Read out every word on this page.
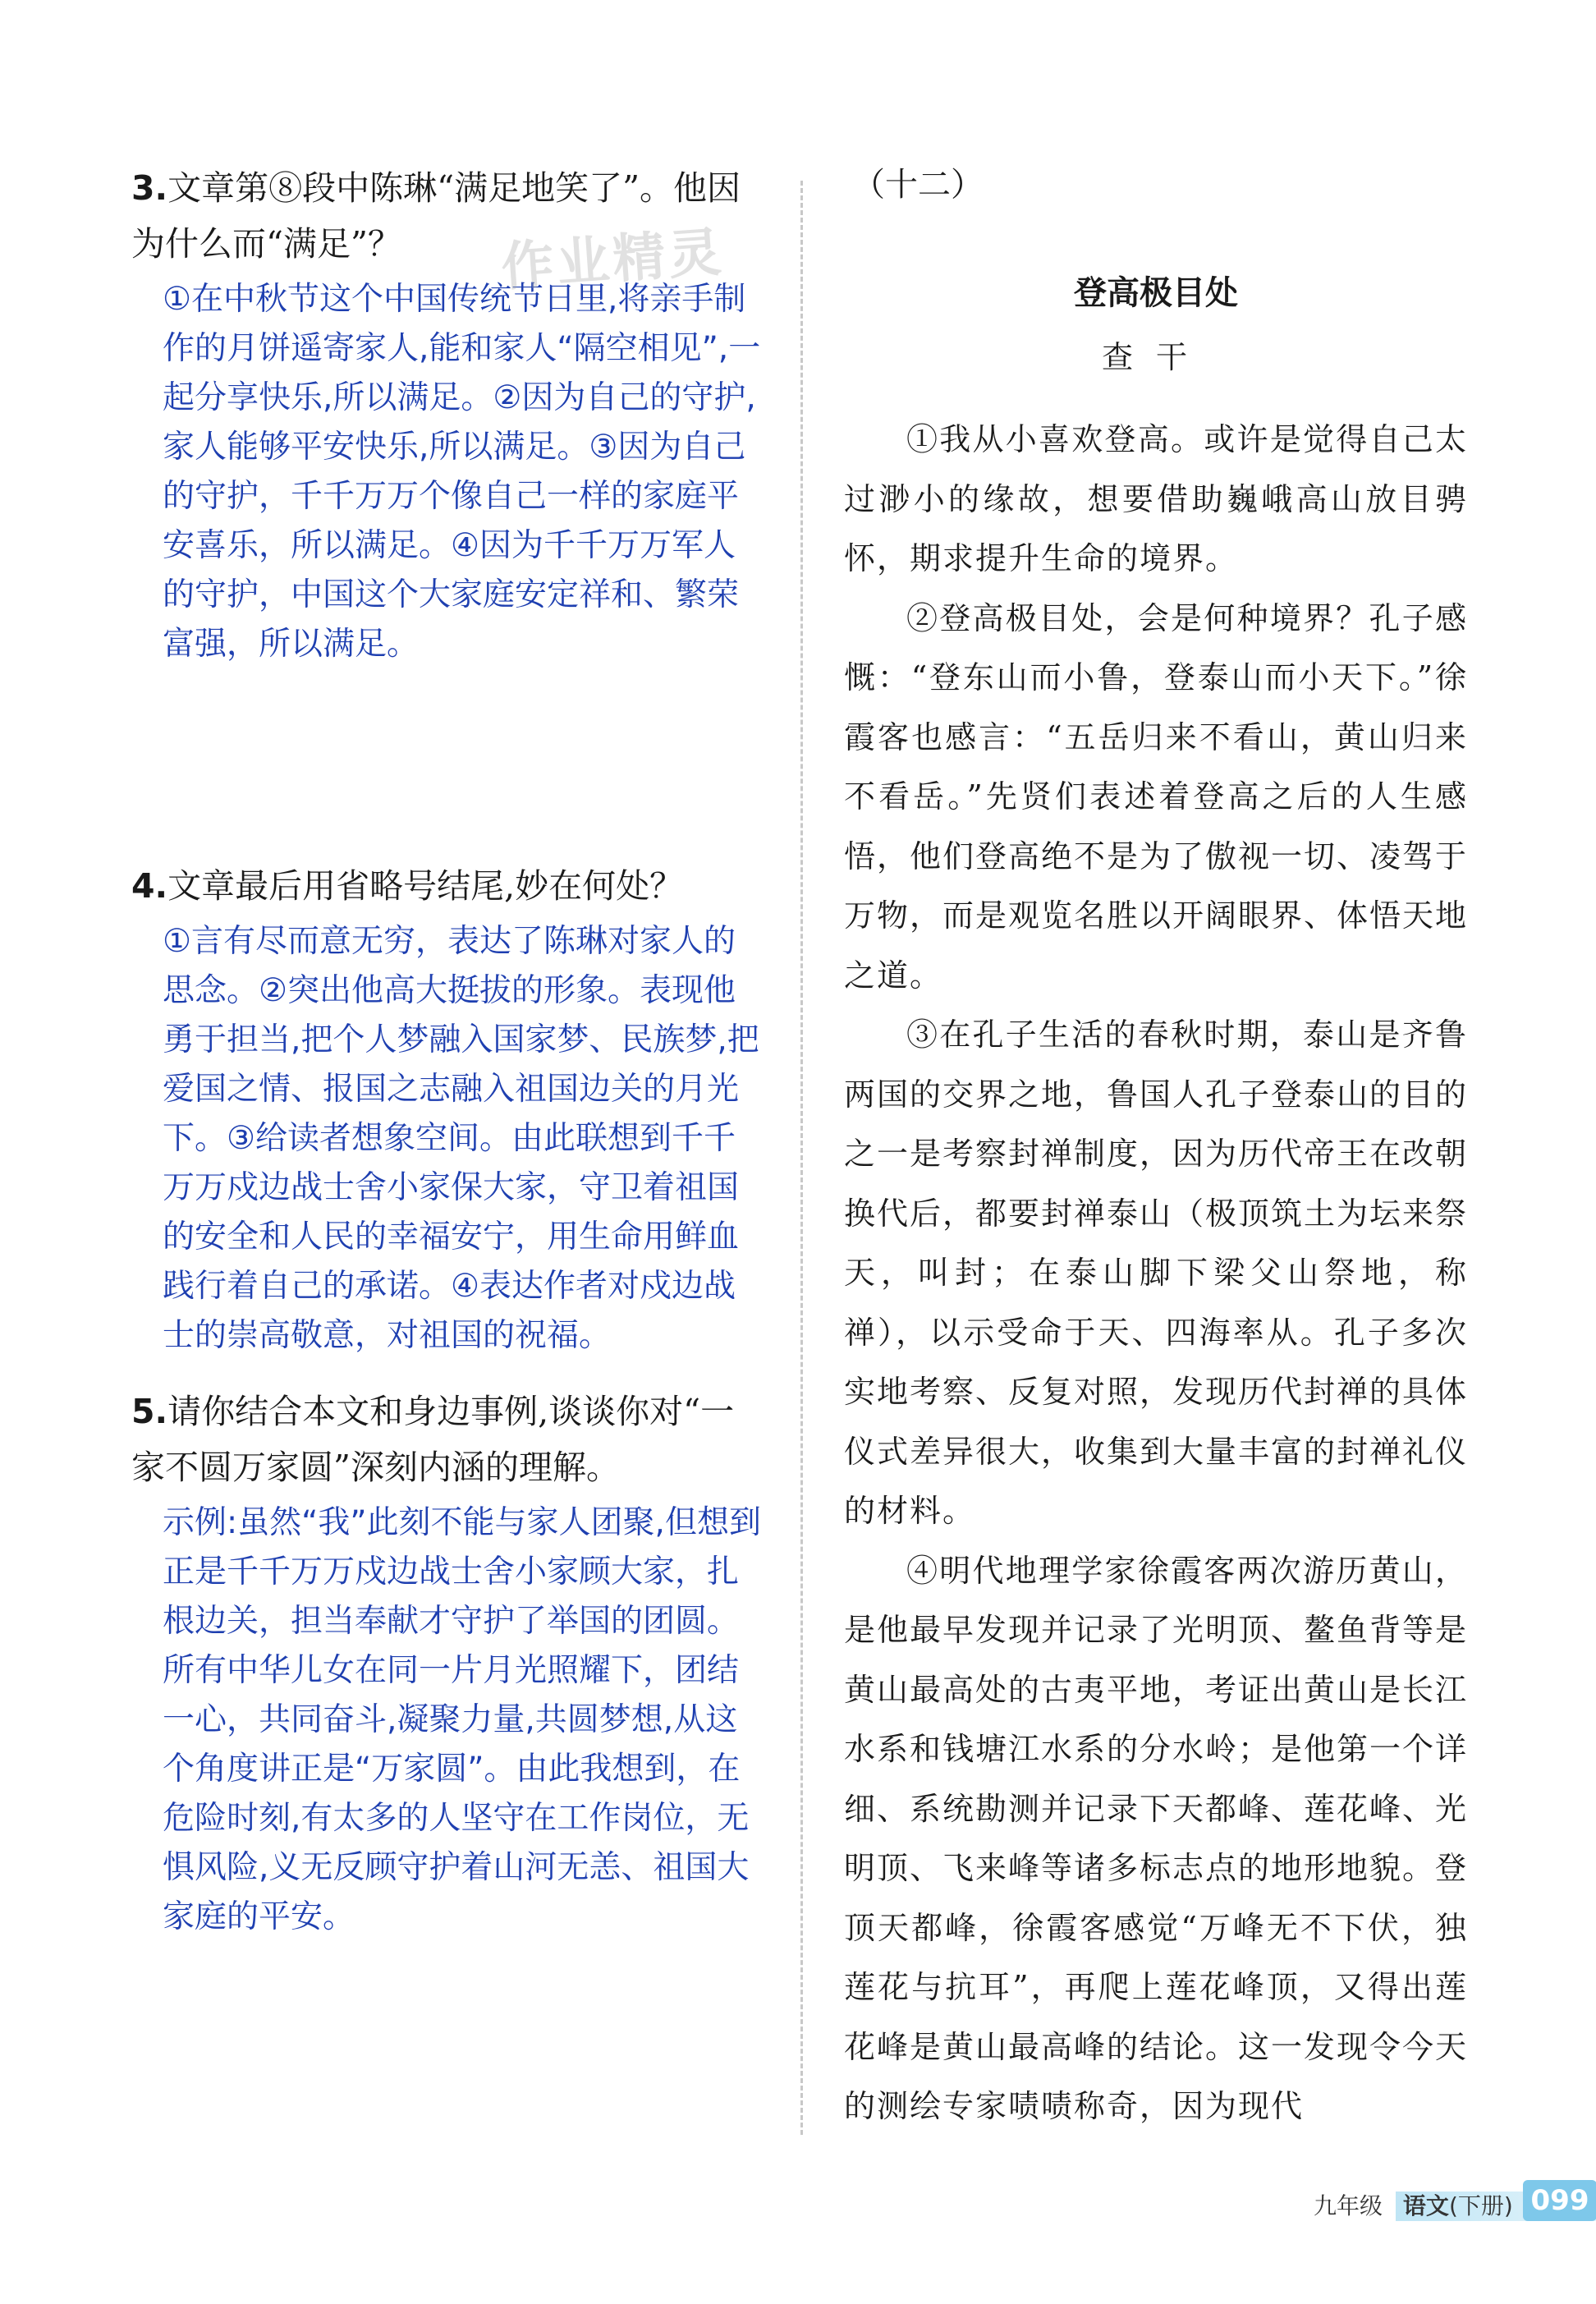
3.文章第⑧段中陈琳“满足地笑了”。他因为什么而“满足”？

①在中秋节这个中国传统节日里,将亲手制作的月饼遥寄家人,能和家人“隔空相见”,一起分享快乐,所以满足。②因为自己的守护,家人能够平安快乐,所以满足。③因为自己的守护，千千万万个像自己一样的家庭平安喜乐，所以满足。④因为千千万万军人的守护，中国这个大家庭安定祥和、繁荣富强，所以满足。

4.文章最后用省略号结尾,妙在何处？

①言有尽而意无穷，表达了陈琳对家人的思念。②突出他高大挺拔的形象。表现他勇于担当,把个人梦融入国家梦、民族梦,把爱国之情、报国之志融入祖国边关的月光下。③给读者想象空间。由此联想到千千万万戍边战士舍小家保大家，守卫着祖国的安全和人民的幸福安宁，用生命用鲜血践行着自己的承诺。④表达作者对戍边战士的崇高敬意，对祖国的祝福。

5.请你结合本文和身边事例,谈谈你对“一家不圆万家圆”深刻内涵的理解。

示例:虽然“我”此刻不能与家人团聚,但想到正是千千万万戍边战士舍小家顾大家，扎根边关，担当奉献才守护了举国的团圆。所有中华儿女在同一片月光照耀下，团结一心，共同奋斗,凝聚力量,共圆梦想,从这个角度讲正是“万家圆”。由此我想到，在危险时刻,有太多的人坚守在工作岗位，无惧风险,义无反顾守护着山河无恙、祖国大家庭的平安。

作业精灵

（十二）

登高极目处

查干

①我从小喜欢登高。或许是觉得自己太过渺小的缘故，想要借助巍峨高山放目骋怀，期求提升生命的境界。

②登高极目处，会是何种境界？孔子感慨：“登东山而小鲁，登泰山而小天下。”徐霞客也感言：“五岳归来不看山，黄山归来不看岳。”先贤们表述着登高之后的人生感悟，他们登高绝不是为了傲视一切、凌驾于万物，而是观览名胜以开阔眼界、体悟天地之道。

③在孔子生活的春秋时期，泰山是齐鲁两国的交界之地，鲁国人孔子登泰山的目的之一是考察封禅制度，因为历代帝王在改朝换代后，都要封禅泰山（极顶筑土为坛来祭天，叫封；在泰山脚下梁父山祭地，称禅），以示受命于天、四海率从。孔子多次实地考察、反复对照，发现历代封禅的具体仪式差异很大，收集到大量丰富的封禅礼仪的材料。

④明代地理学家徐霞客两次游历黄山，是他最早发现并记录了光明顶、鳌鱼背等是黄山最高处的古夷平地，考证出黄山是长江水系和钱塘江水系的分水岭；是他第一个详细、系统勘测并记录下天都峰、莲花峰、光明顶、飞来峰等诸多标志点的地形地貌。登顶天都峰，徐霞客感觉“万峰无不下伏，独莲花与抗耳”，再爬上莲花峰顶，又得出莲花峰是黄山最高峰的结论。这一发现令今天的测绘专家啧啧称奇，因为现代

九年级 语文(下册) 099
